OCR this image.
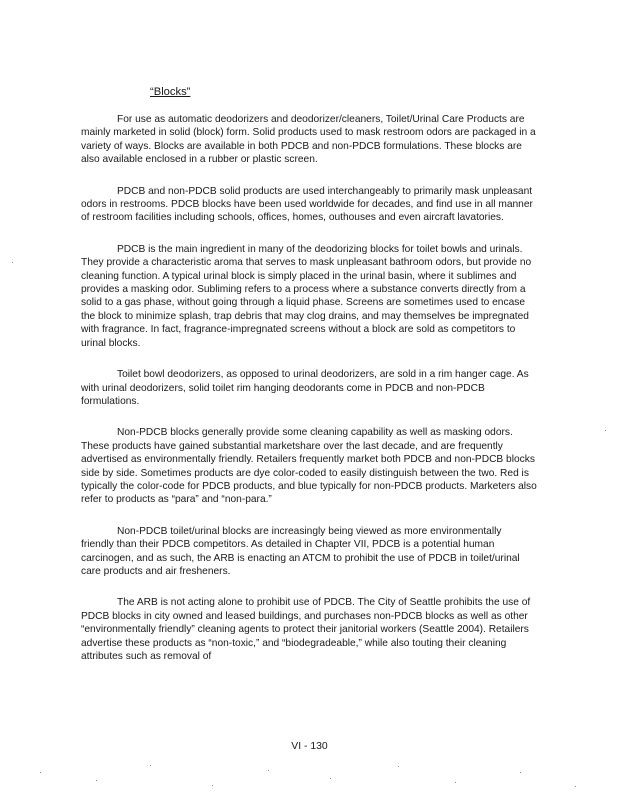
“Blocks”

For use as automatic deodorizers and deodorizer/cleaners, Toilet/Urinal Care Products are mainly marketed in solid (block) form. Solid products used to mask restroom odors are packaged in a variety of ways. Blocks are available in both PDCB and non-PDCB formulations. These blocks are also available enclosed in a rubber or plastic screen.

PDCB and non-PDCB solid products are used interchangeably to primarily mask unpleasant odors in restrooms. PDCB blocks have been used worldwide for decades, and find use in all manner of restroom facilities including schools, offices, homes, outhouses and even aircraft lavatories.

PDCB is the main ingredient in many of the deodorizing blocks for toilet bowls and urinals. They provide a characteristic aroma that serves to mask unpleasant bathroom odors, but provide no cleaning function. A typical urinal block is simply placed in the urinal basin, where it sublimes and provides a masking odor. Subliming refers to a process where a substance converts directly from a solid to a gas phase, without going through a liquid phase. Screens are sometimes used to encase the block to minimize splash, trap debris that may clog drains, and may themselves be impregnated with fragrance. In fact, fragrance-impregnated screens without a block are sold as competitors to urinal blocks.

Toilet bowl deodorizers, as opposed to urinal deodorizers, are sold in a rim hanger cage. As with urinal deodorizers, solid toilet rim hanging deodorants come in PDCB and non-PDCB formulations.

Non-PDCB blocks generally provide some cleaning capability as well as masking odors. These products have gained substantial marketshare over the last decade, and are frequently advertised as environmentally friendly. Retailers frequently market both PDCB and non-PDCB blocks side by side. Sometimes products are dye color-coded to easily distinguish between the two. Red is typically the color-code for PDCB products, and blue typically for non-PDCB products. Marketers also refer to products as “para” and “non-para.”

Non-PDCB toilet/urinal blocks are increasingly being viewed as more environmentally friendly than their PDCB competitors. As detailed in Chapter VII, PDCB is a potential human carcinogen, and as such, the ARB is enacting an ATCM to prohibit the use of PDCB in toilet/urinal care products and air fresheners.

The ARB is not acting alone to prohibit use of PDCB. The City of Seattle prohibits the use of PDCB blocks in city owned and leased buildings, and purchases non-PDCB blocks as well as other “environmentally friendly” cleaning agents to protect their janitorial workers (Seattle 2004). Retailers advertise these products as “non-toxic,” and “biodegradeable,” while also touting their cleaning attributes such as removal of

VI - 130
